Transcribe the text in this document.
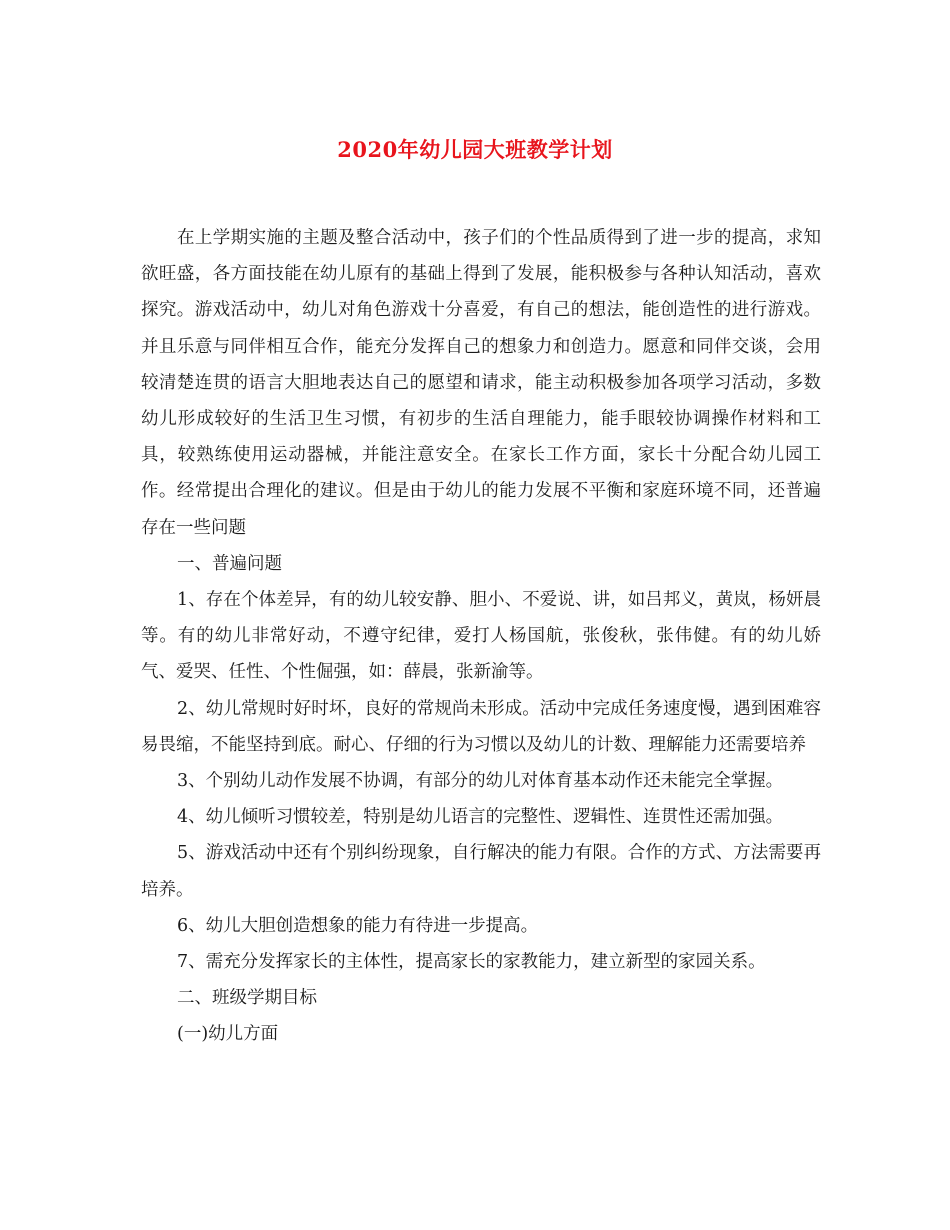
2020年幼儿园大班教学计划

在上学期实施的主题及整合活动中，孩子们的个性品质得到了进一步的提高，求知欲旺盛，各方面技能在幼儿原有的基础上得到了发展，能积极参与各种认知活动，喜欢探究。游戏活动中，幼儿对角色游戏十分喜爱，有自己的想法，能创造性的进行游戏。并且乐意与同伴相互合作，能充分发挥自己的想象力和创造力。愿意和同伴交谈，会用较清楚连贯的语言大胆地表达自己的愿望和请求，能主动积极参加各项学习活动，多数幼儿形成较好的生活卫生习惯，有初步的生活自理能力，能手眼较协调操作材料和工具，较熟练使用运动器械，并能注意安全。在家长工作方面，家长十分配合幼儿园工作。经常提出合理化的建议。但是由于幼儿的能力发展不平衡和家庭环境不同，还普遍存在一些问题

一、普遍问题

1、存在个体差异，有的幼儿较安静、胆小、不爱说、讲，如吕邦义，黄岚，杨妍晨等。有的幼儿非常好动，不遵守纪律，爱打人杨国航，张俊秋，张伟健。有的幼儿娇气、爱哭、任性、个性倔强，如：薛晨，张新渝等。

2、幼儿常规时好时坏，良好的常规尚未形成。活动中完成任务速度慢，遇到困难容易畏缩，不能坚持到底。耐心、仔细的行为习惯以及幼儿的计数、理解能力还需要培养

3、个别幼儿动作发展不协调，有部分的幼儿对体育基本动作还未能完全掌握。

4、幼儿倾听习惯较差，特别是幼儿语言的完整性、逻辑性、连贯性还需加强。

5、游戏活动中还有个别纠纷现象，自行解决的能力有限。合作的方式、方法需要再培养。

6、幼儿大胆创造想象的能力有待进一步提高。

7、需充分发挥家长的主体性，提高家长的家教能力，建立新型的家园关系。

二、班级学期目标

(一)幼儿方面
